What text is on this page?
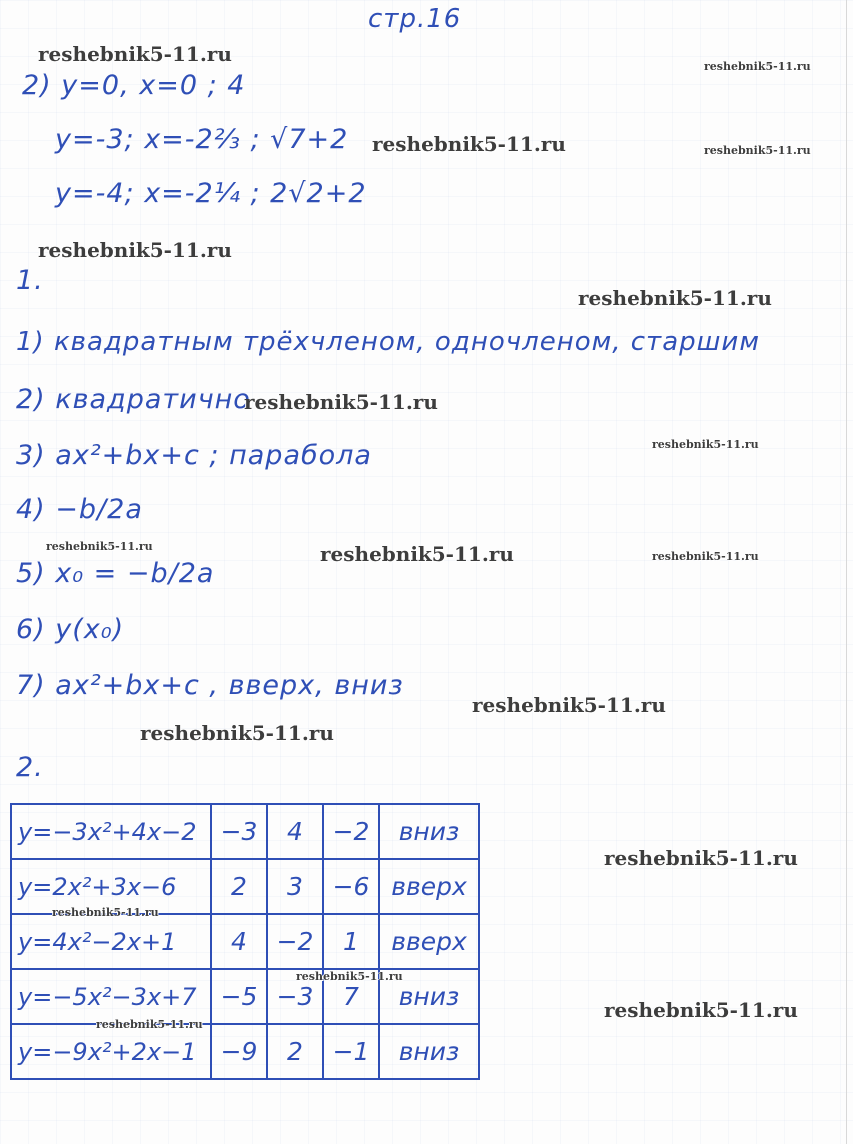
стр.16
2) y=0, x=0 ; 4
y=-3; x=-2⅔ ; √7+2
y=-4; x=-2¼ ; 2√2+2
1.
1) квадратным трёхчленом, одночленом, старшим
2) квадратично
3) ax²+bx+c ; парабола
4) −b/2a
5) x₀ = −b/2a
6) y(x₀)
7) ax²+bx+c , вверх, вниз
2.
y=−3x²+4x−2	−3	4	−2	вниз
y=2x²+3x−6	2	3	−6	вверх
y=4x²−2x+1	4	−2	1	вверх
y=−5x²−3x+7	−5	−3	7	вниз
y=−9x²+2x−1	−9	2	−1	вниз
reshebnik5-11.ru
reshebnik5-11.ru
reshebnik5-11.ru	reshebnik5-11.ru
reshebnik5-11.ru
reshebnik5-11.ru
reshebnik5-11.ru
reshebnik5-11.ru
reshebnik5-11.ru	reshebnik5-11.ru	reshebnik5-11.ru
reshebnik5-11.ru
reshebnik5-11.ru
reshebnik5-11.ru
reshebnik5-11.ru
reshebnik5-11.ru
reshebnik5-11.ru
reshebnik5-11.ru
